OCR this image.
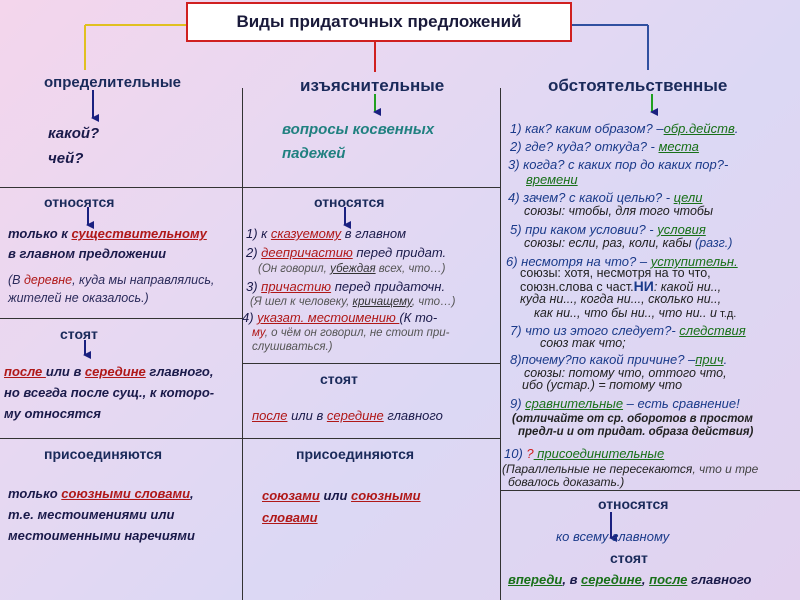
Виды придаточных предложений
определительные	изъяснительные	обстоятельственные
какой?
чей?
относятся
только к существительному
в главном предложении
(В деревне, куда мы направлялись,
жителей не оказалось.)
стоят
после или в середине главного,
но всегда после сущ., к которо-
му относятся
присоединяются
только союзными словами,
т.е. местоимениями или
местоименными наречиями
вопросы косвенных
падежей
относятся
1) к сказуемому в главном
2) деепричастию перед придат.
(Он говорил, убеждая всех, что…)
3) причастию перед придаточн.
(Я шел к человеку, кричащему, что…)
4) указат. местоимению (К то-
му, о чём он говорил, не стоит при-
слушиваться.)
стоят
после или в середине главного
присоединяются
союзами или союзными
словами
1) как? каким образом? –обр.действ.
2) где? куда? откуда? - места
3) когда? с каких пор до каких пор?-
времени
4) зачем? с какой целью? - цели
союзы: чтобы, для того чтобы
5) при каком условии? - условия
союзы: если, раз, коли, кабы (разг.)
6) несмотря на что? – уступительн.
союзы: хотя, несмотря на то что,
союзн.слова с част.НИ: какой ни..,
куда ни..., когда ни..., сколько ни..,
как ни.., что бы ни.., что ни.. и т.д.
7) что из этого следует?- следствия
союз так что;
8)почему?по какой причине? –прич.
союзы: потому что, оттого что,
ибо (устар.) = потому что
9) сравнительные – есть сравнение!
(отличайте от ср. оборотов в простом
предл-и и от придат. образа действия)
10) ? присоединительные
(Параллельные не пересекаются, что и тре
бовалось доказать.)
относятся
ко всему главному
стоят
впереди, в середине, после главного
